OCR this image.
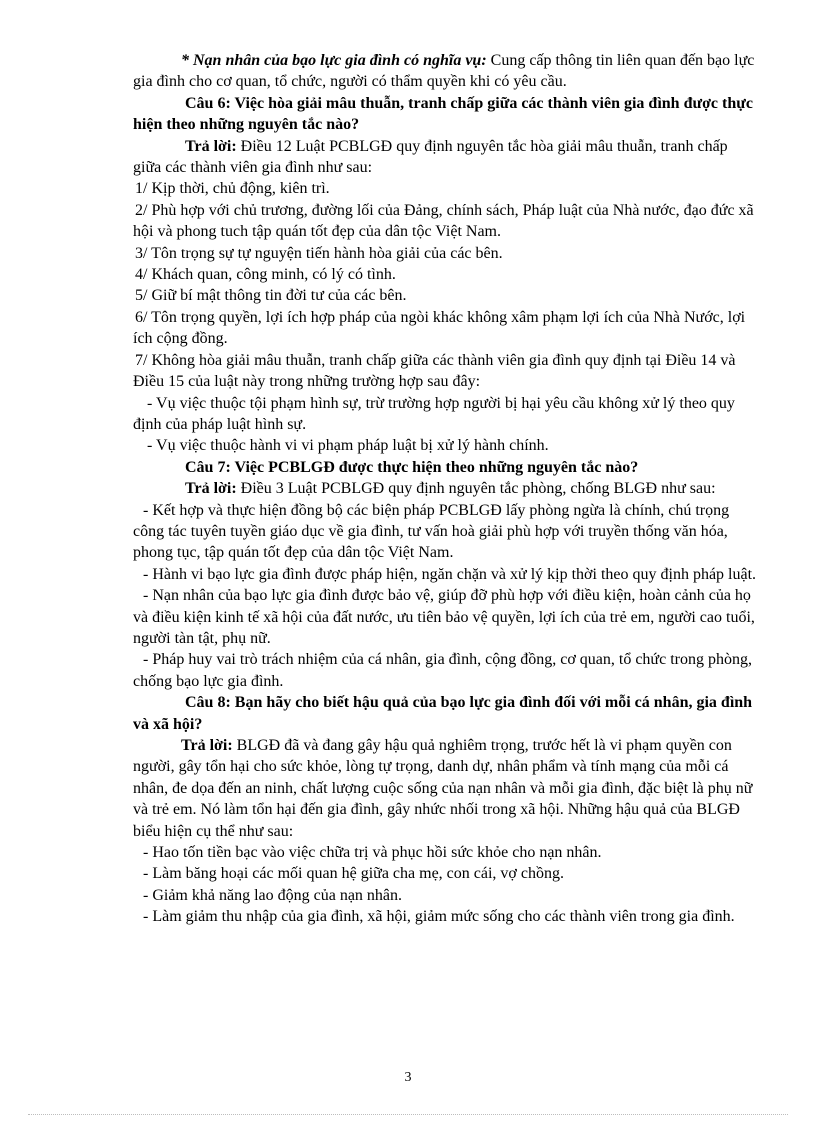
* Nạn nhân của bạo lực gia đình có nghĩa vụ: Cung cấp thông tin liên quan đến bạo lực gia đình cho cơ quan, tổ chức, người có thẩm quyền khi có yêu cầu.

Câu 6: Việc hòa giải mâu thuẫn, tranh chấp giữa các thành viên gia đình được thực hiện theo những nguyên tắc nào?

Trả lời: Điều 12 Luật PCBLGĐ quy định nguyên tắc hòa giải mâu thuẫn, tranh chấp giữa các thành viên gia đình như sau:

1/ Kịp thời, chủ động, kiên trì.

2/ Phù hợp với chủ trương, đường lối của Đảng, chính sách, Pháp luật của Nhà nước, đạo đức xã hội và phong tuch tập quán tốt đẹp của dân tộc Việt Nam.

3/ Tôn trọng sự tự nguyện tiến hành hòa giải của các bên.

4/ Khách quan, công minh, có lý có tình.

5/ Giữ bí mật thông tin đời tư của các bên.

6/ Tôn trọng quyền, lợi ích hợp pháp của ngòi khác không xâm phạm lợi ích của Nhà Nước, lợi ích cộng đồng.

7/ Không hòa giải mâu thuẫn, tranh chấp giữa các thành viên gia đình quy định tại Điều 14 và Điều 15 của luật này trong những trường hợp sau đây:

- Vụ việc thuộc tội phạm hình sự, trừ trường hợp người bị hại yêu cầu không xử lý theo quy định của pháp luật hình sự.

- Vụ việc thuộc hành vi vi phạm pháp luật bị xử lý hành chính.

Câu 7: Việc PCBLGĐ được thực hiện theo những nguyên tắc nào?

Trả lời: Điều 3 Luật PCBLGĐ quy định nguyên tắc phòng, chống BLGĐ như sau:

- Kết hợp và thực hiện đồng bộ các biện pháp PCBLGĐ lấy phòng ngừa là chính, chú trọng công tác tuyên tuyền giáo dục về gia đình, tư vấn hoà giải phù hợp với truyền thống văn hóa, phong tục, tập quán tốt đẹp của dân tộc Việt Nam.

- Hành vi bạo lực gia đình được pháp hiện, ngăn chặn và xử lý kịp thời theo quy định pháp luật.

- Nạn nhân của bạo lực gia đình được bảo vệ, giúp đỡ phù hợp với điều kiện, hoàn cảnh của họ và điều kiện kinh tế xã hội của đất nước, ưu tiên bảo vệ quyền, lợi ích của trẻ em, người cao tuổi, người tàn tật, phụ nữ.

- Pháp huy vai trò trách nhiệm của cá nhân, gia đình, cộng đồng, cơ quan, tổ chức trong phòng, chống bạo lực gia đình.

Câu 8: Bạn hãy cho biết hậu quả của bạo lực gia đình đối với mỗi cá nhân, gia đình và xã hội?

Trả lời: BLGĐ đã và đang gây hậu quả nghiêm trọng, trước hết là vi phạm quyền con người, gây tổn hại cho sức khỏe, lòng tự trọng, danh dự, nhân phẩm và tính mạng của mỗi cá nhân, đe dọa đến an ninh, chất lượng cuộc sống của nạn nhân và mỗi gia đình, đặc biệt là phụ nữ và trẻ em. Nó làm tổn hại đến gia đình, gây nhức nhối trong xã hội. Những hậu quả của BLGĐ biểu hiện cụ thể như sau:

- Hao tốn tiền bạc vào việc chữa trị và phục hồi sức khỏe cho nạn nhân.

- Làm băng hoại các mối quan hệ giữa cha mẹ, con cái, vợ chồng.

- Giảm khả năng lao động của nạn nhân.

- Làm giảm thu nhập của gia đình, xã hội, giảm mức sống cho các thành viên trong gia đình.

3
